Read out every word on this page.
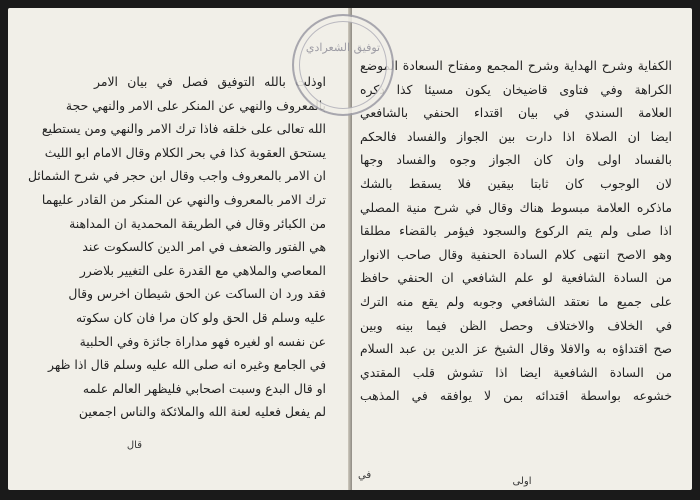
اوذلت بالله التوفيق فصل في بيان الامر
بالمعروف والنهي عن المنكر على الامر والنهي حجة
الله تعالى على خلقه فاذا ترك الامر والنهي ومن يستطيع
يستحق العقوبة كذا في بحر الكلام وقال الامام ابو الليث
ان الامر بالمعروف واجب وقال ابن حجر في شرح الشمائل
ترك الامر بالمعروف والنهي عن المنكر من القادر عليهما
من الكبائر وقال في الطريقة المحمدية ان المداهنة
هي الفتور والضعف في امر الدين كالسكوت عند
المعاصي والملاهي مع القدرة على التغيير بلاضرر
فقد ورد ان الساكت عن الحق شيطان اخرس وقال
عليه وسلم قل الحق ولو كان مرا فان كان سكوته
عن نفسه او لغيره فهو مداراة جائزة وفي الحلبية
في الجامع وغيره انه صلى الله عليه وسلم قال اذا ظهر
او قال البدع وسبت اصحابي فليظهر العالم علمه
لم يفعل فعليه لعنة الله والملائكة والناس اجمعين
قال
الكفاية وشرح الهداية وشرح المجمع ومفتاح السعادة الموضع
الكراهة وفي فتاوى قاضيخان يكون مسيئا كذا ذكره
العلامة السندي في بيان اقتداء الحنفي بالشافعي
ايضا ان الصلاة اذا دارت بين الجواز والفساد فالحكم
بالفساد اولى وان كان الجواز وجوه والفساد وجها
لان الوجوب كان ثابتا بيقين فلا يسقط بالشك
ماذكره العلامة مبسوط هناك وقال في شرح منية المصلي
اذا صلى ولم يتم الركوع والسجود فيؤمر بالقضاء مطلقا
وهو الاصح انتهى كلام السادة الحنفية وقال صاحب الانوار
من السادة الشافعية لو علم الشافعي ان الحنفي حافظ
على جميع ما نعتقد الشافعي وجوبه ولم يقع منه الترك
في الخلاف والاختلاف وحصل الظن فيما بينه وبين
صح اقتداؤه به والافلا وقال الشيخ عز الدين بن عبد السلام
من السادة الشافعية ايضا اذا تشوش قلب المقتدي
خشوعه بواسطة اقتدائه بمن لا يوافقه في المذهب
في
اولى
توفيق الشعرادي
